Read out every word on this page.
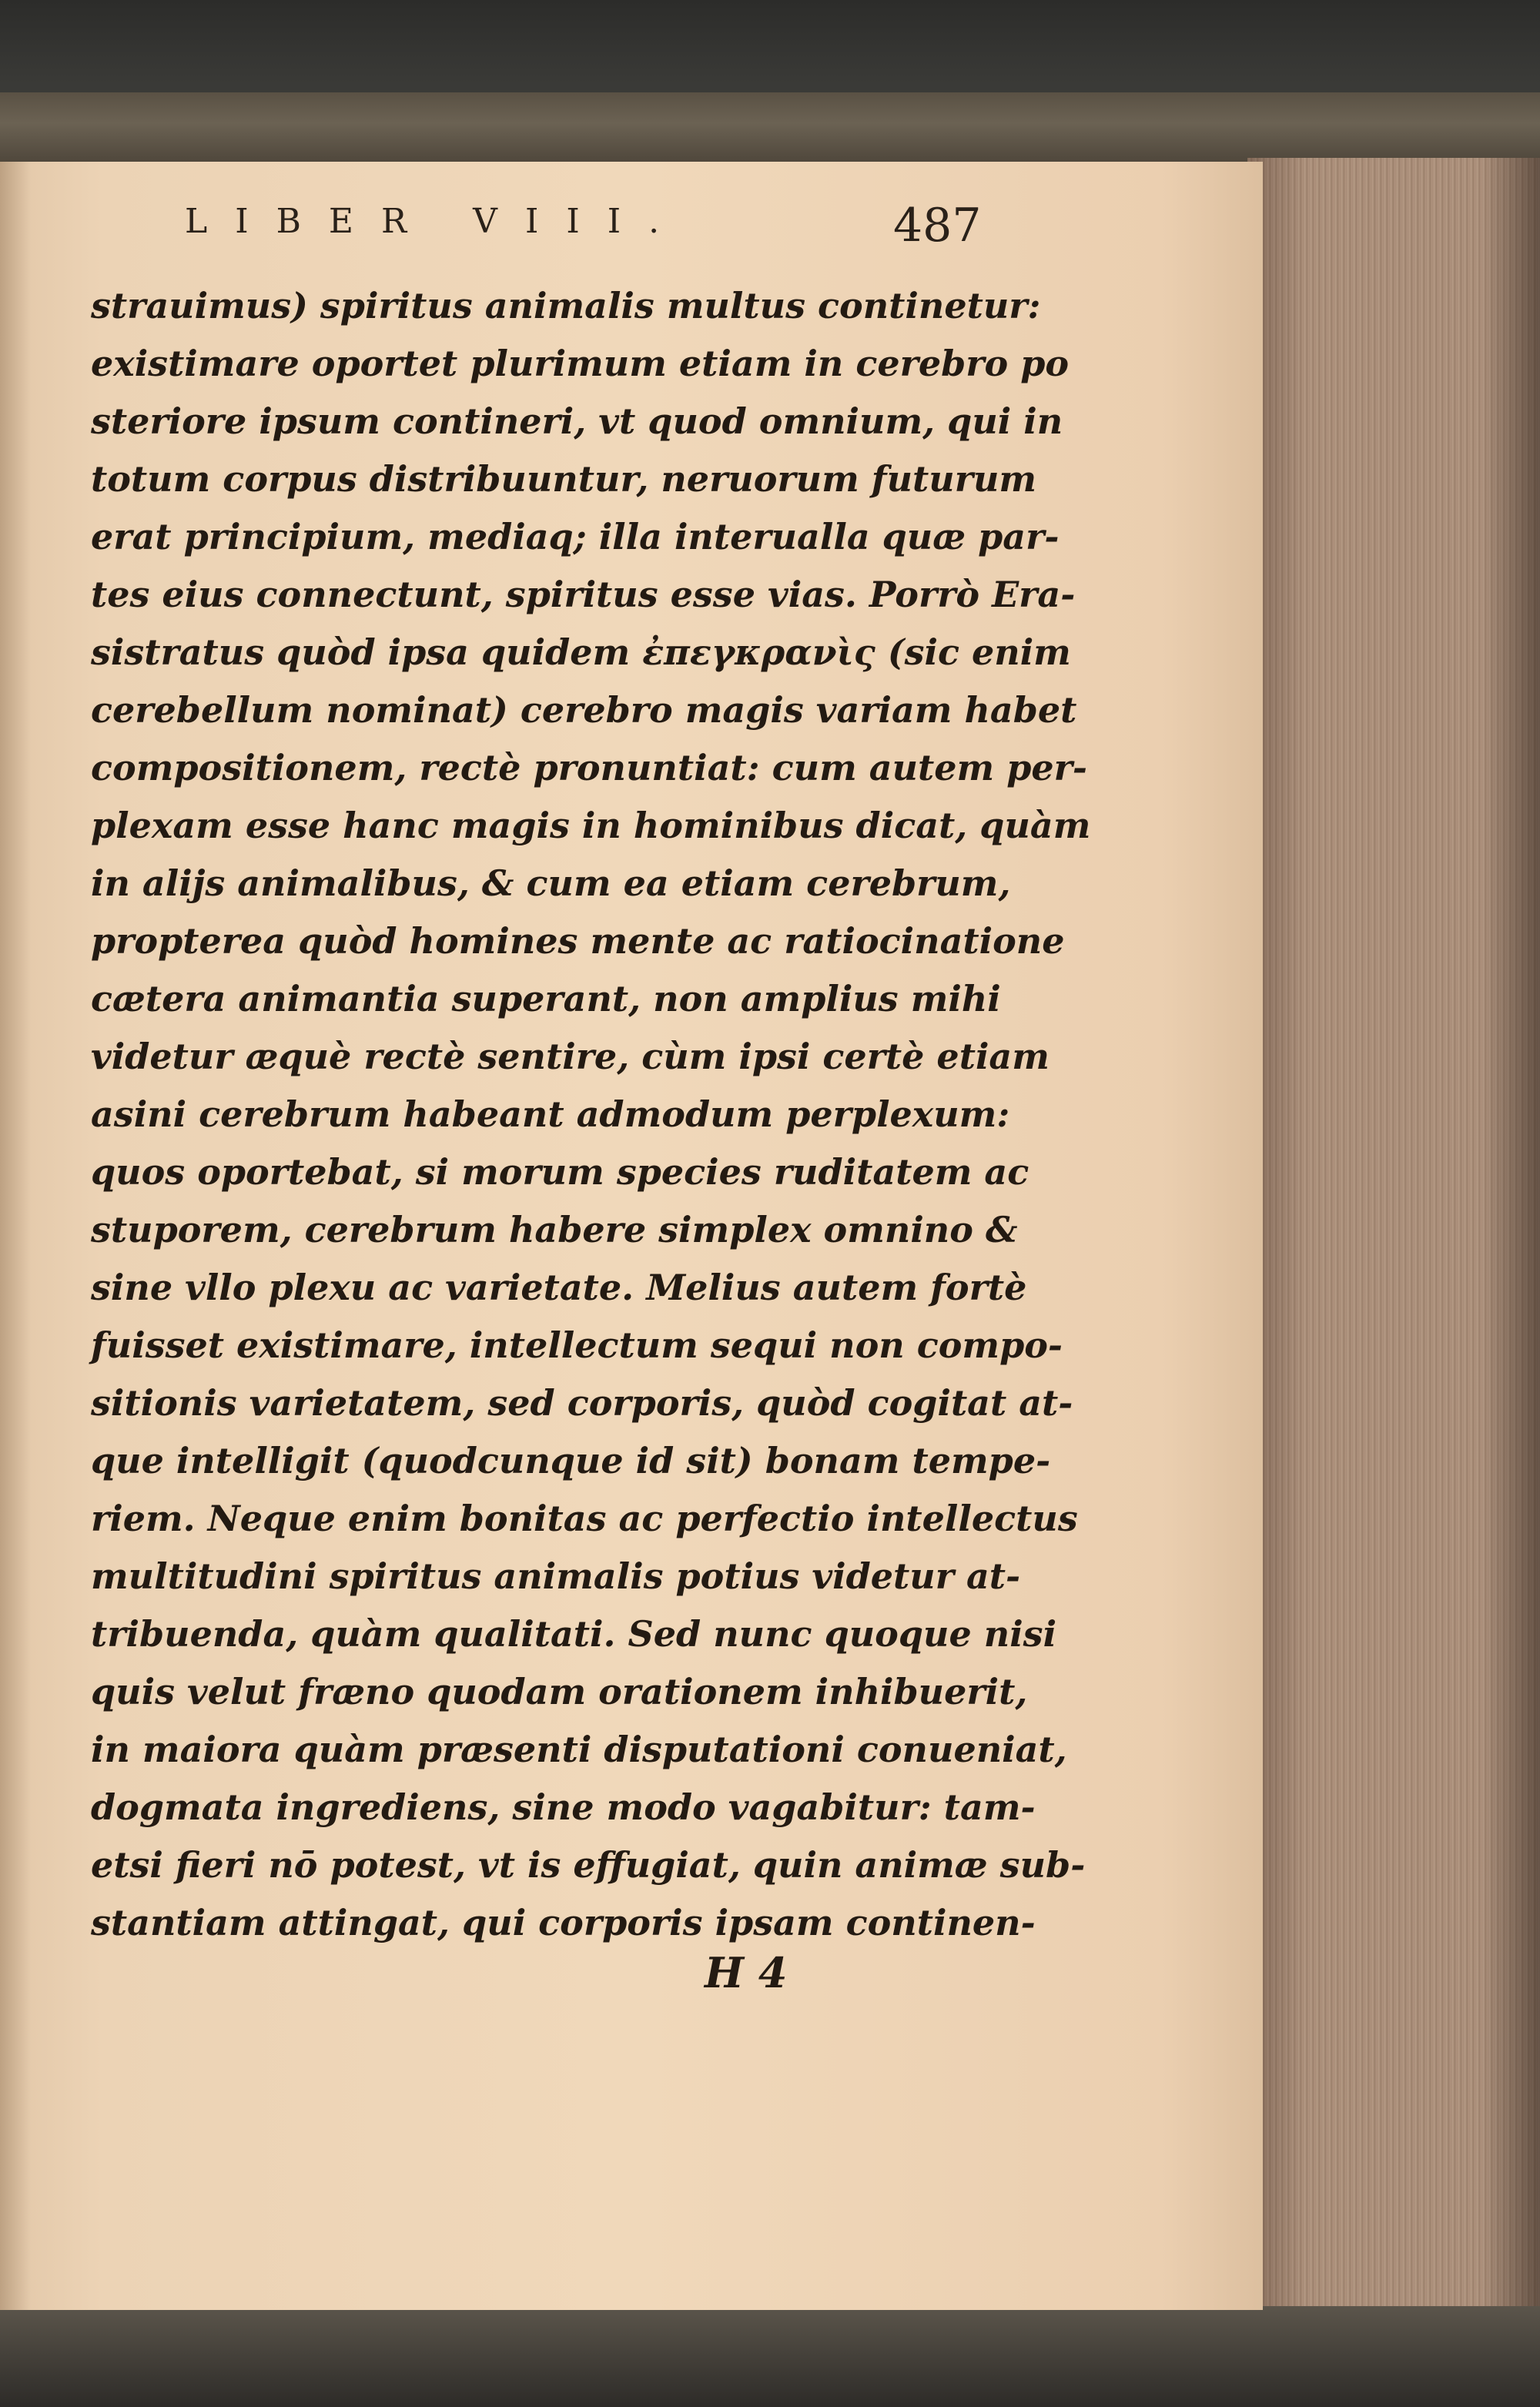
LIBER VIII.	487
strauimus) spiritus animalis multus continetur:
existimare oportet plurimum etiam in cerebro po
steriore ipsum contineri, vt quod omnium, qui in
totum corpus distribuuntur, neruorum futurum
erat principium, mediaq; illa interualla quæ par-
tes eius connectunt, spiritus esse vias. Porrò Era-
sistratus quòd ipsa quidem ἐπεγκρανὶς (sic enim
cerebellum nominat) cerebro magis variam habet
compositionem, rectè pronuntiat: cum autem per-
plexam esse hanc magis in hominibus dicat, quàm
in alijs animalibus, & cum ea etiam cerebrum,
propterea quòd homines mente ac ratiocinatione
cætera animantia superant, non amplius mihi
videtur æquè rectè sentire, cùm ipsi certè etiam
asini cerebrum habeant admodum perplexum:
quos oportebat, si morum species ruditatem ac
stuporem, cerebrum habere simplex omnino &
sine vllo plexu ac varietate. Melius autem fortè
fuisset existimare, intellectum sequi non compo-
sitionis varietatem, sed corporis, quòd cogitat at-
que intelligit (quodcunque id sit) bonam tempe-
riem. Neque enim bonitas ac perfectio intellectus
multitudini spiritus animalis potius videtur at-
tribuenda, quàm qualitati. Sed nunc quoque nisi
quis velut fræno quodam orationem inhibuerit,
in maiora quàm præsenti disputationi conueniat,
dogmata ingrediens, sine modo vagabitur: tam-
etsi fieri nō potest, vt is effugiat, quin animæ sub-
stantiam attingat, qui corporis ipsam continen-
H 4
